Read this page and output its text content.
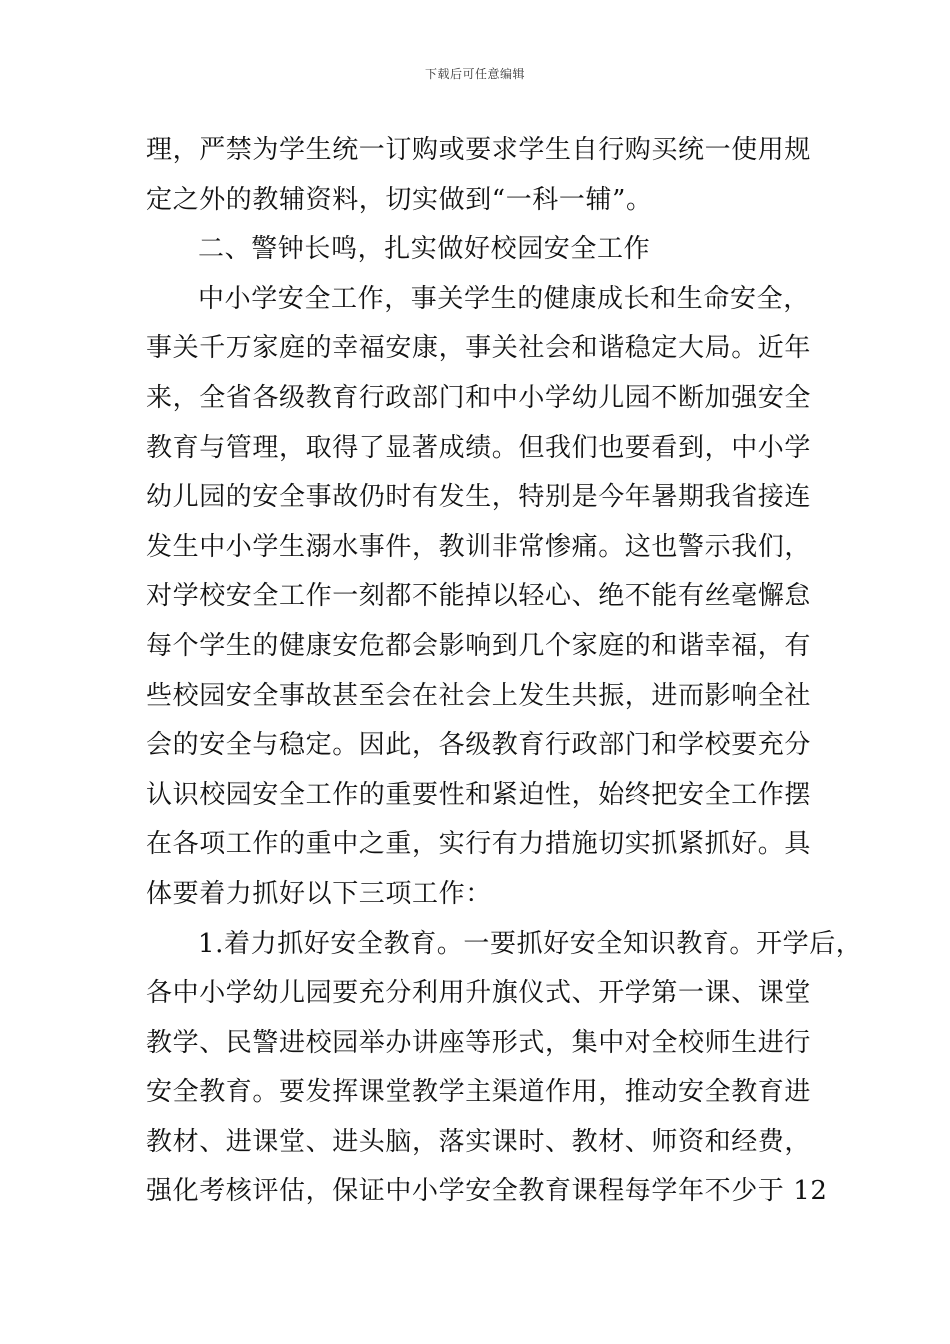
下载后可任意编辑
理，严禁为学生统一订购或要求学生自行购买统一使用规
定之外的教辅资料，切实做到“一科一辅”。
二、警钟长鸣，扎实做好校园安全工作
中小学安全工作，事关学生的健康成长和生命安全，
事关千万家庭的幸福安康，事关社会和谐稳定大局。近年
来，全省各级教育行政部门和中小学幼儿园不断加强安全
教育与管理，取得了显著成绩。但我们也要看到，中小学
幼儿园的安全事故仍时有发生，特别是今年暑期我省接连
发生中小学生溺水事件，教训非常惨痛。这也警示我们，
对学校安全工作一刻都不能掉以轻心、绝不能有丝毫懈怠
每个学生的健康安危都会影响到几个家庭的和谐幸福，有
些校园安全事故甚至会在社会上发生共振，进而影响全社
会的安全与稳定。因此，各级教育行政部门和学校要充分
认识校园安全工作的重要性和紧迫性，始终把安全工作摆
在各项工作的重中之重，实行有力措施切实抓紧抓好。具
体要着力抓好以下三项工作：
1.着力抓好安全教育。一要抓好安全知识教育。开学后，
各中小学幼儿园要充分利用升旗仪式、开学第一课、课堂
教学、民警进校园举办讲座等形式，集中对全校师生进行
安全教育。要发挥课堂教学主渠道作用，推动安全教育进
教材、进课堂、进头脑，落实课时、教材、师资和经费，
强化考核评估，保证中小学安全教育课程每学年不少于 12
